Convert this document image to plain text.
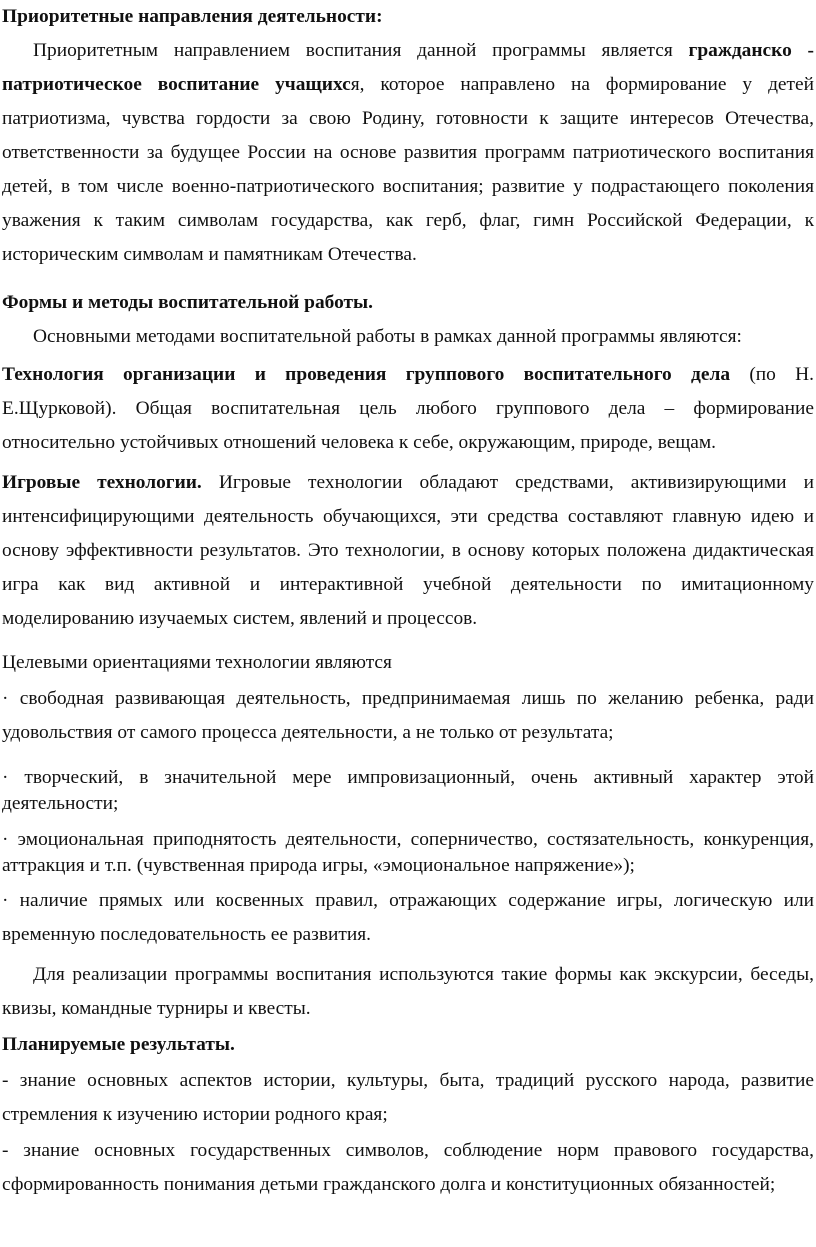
Приоритетные направления деятельности:
Приоритетным направлением воспитания данной программы является гражданско - патриотическое воспитание учащихся, которое направлено на формирование у детей патриотизма, чувства гордости за свою Родину, готовности к защите интересов Отечества, ответственности за будущее России на основе развития программ патриотического воспитания детей, в том числе военно-патриотического воспитания; развитие у подрастающего поколения уважения к таким символам государства, как герб, флаг, гимн Российской Федерации, к историческим символам и памятникам Отечества.
Формы и методы воспитательной работы.
Основными методами воспитательной работы в рамках данной программы являются:
Технология организации и проведения группового воспитательного дела (по Н. Е.Щурковой). Общая воспитательная цель любого группового дела – формирование относительно устойчивых отношений человека к себе, окружающим, природе, вещам.
Игровые технологии. Игровые технологии обладают средствами, активизирующими и интенсифицирующими деятельность обучающихся, эти средства составляют главную идею и основу эффективности результатов. Это технологии, в основу которых положена дидактическая игра как вид активной и интерактивной учебной деятельности по имитационному моделированию изучаемых систем, явлений и процессов.
Целевыми ориентациями технологии являются
· свободная развивающая деятельность, предпринимаемая лишь по желанию ребенка, ради удовольствия от самого процесса деятельности, а не только от результата;
· творческий, в значительной мере импровизационный, очень активный характер этой деятельности;
· эмоциональная приподнятость деятельности, соперничество, состязательность, конкуренция, аттракция и т.п. (чувственная природа игры, «эмоциональное напряжение»);
· наличие прямых или косвенных правил, отражающих содержание игры, логическую или временную последовательность ее развития.
Для реализации программы воспитания используются такие формы как экскурсии, беседы, квизы, командные турниры и квесты.
Планируемые результаты.
- знание основных аспектов истории, культуры, быта, традиций русского народа, развитие стремления к изучению истории родного края;
- знание основных государственных символов, соблюдение норм правового государства, сформированность понимания детьми гражданского долга и конституционных обязанностей;
